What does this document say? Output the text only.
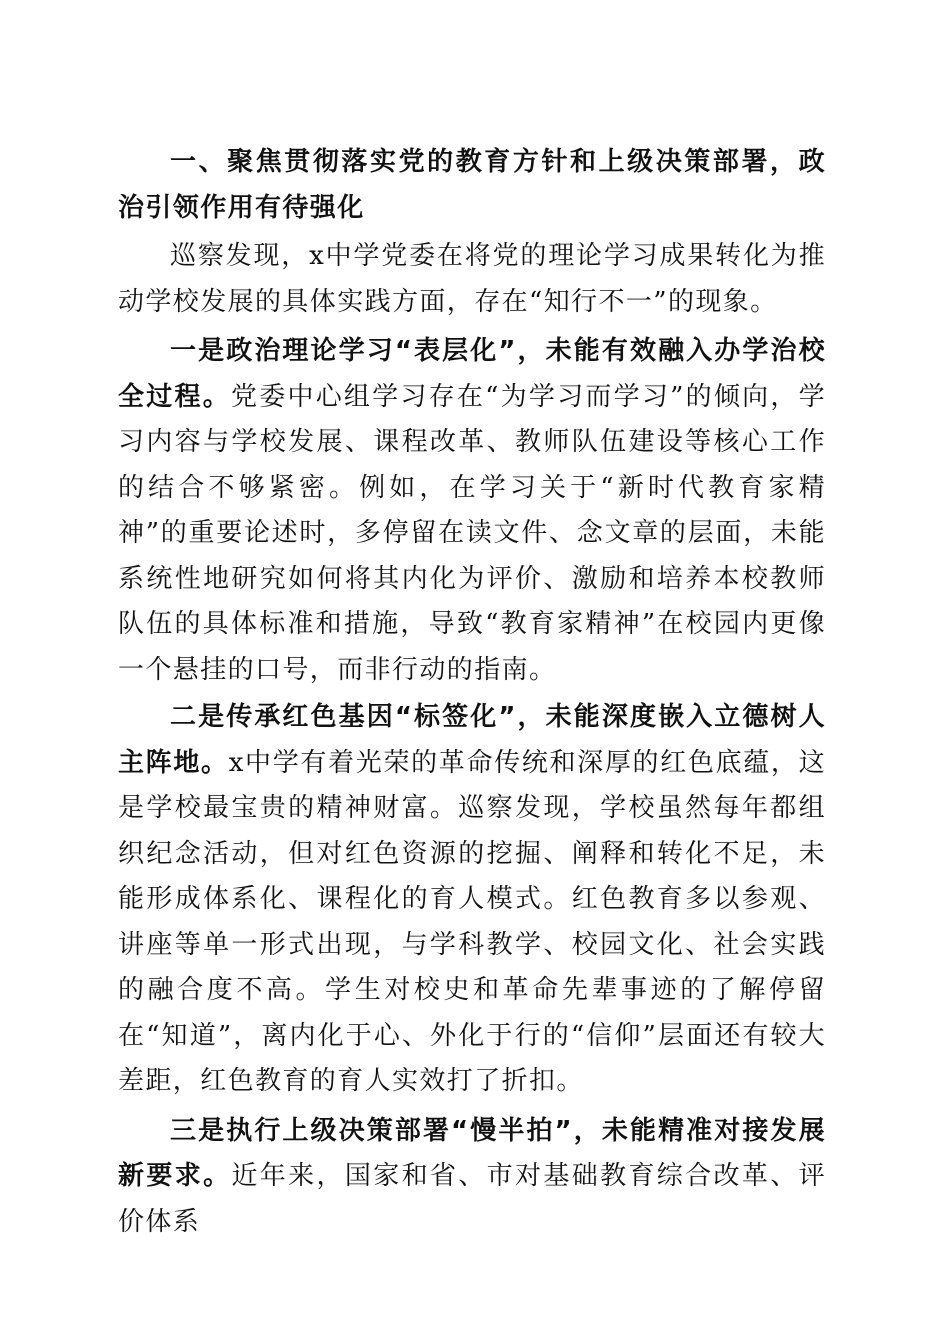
一、聚焦贯彻落实党的教育方针和上级决策部署，政治引领作用有待强化

巡察发现，x中学党委在将党的理论学习成果转化为推动学校发展的具体实践方面，存在“知行不一”的现象。

一是政治理论学习“表层化”，未能有效融入办学治校全过程。党委中心组学习存在“为学习而学习”的倾向，学习内容与学校发展、课程改革、教师队伍建设等核心工作的结合不够紧密。例如，在学习关于“新时代教育家精神”的重要论述时，多停留在读文件、念文章的层面，未能系统性地研究如何将其内化为评价、激励和培养本校教师队伍的具体标准和措施，导致“教育家精神”在校园内更像一个悬挂的口号，而非行动的指南。

二是传承红色基因“标签化”，未能深度嵌入立德树人主阵地。x中学有着光荣的革命传统和深厚的红色底蕴，这是学校最宝贵的精神财富。巡察发现，学校虽然每年都组织纪念活动，但对红色资源的挖掘、阐释和转化不足，未能形成体系化、课程化的育人模式。红色教育多以参观、讲座等单一形式出现，与学科教学、校园文化、社会实践的融合度不高。学生对校史和革命先辈事迹的了解停留在“知道”，离内化于心、外化于行的“信仰”层面还有较大差距，红色教育的育人实效打了折扣。

三是执行上级决策部署“慢半拍”，未能精准对接发展新要求。近年来，国家和省、市对基础教育综合改革、评价体系
